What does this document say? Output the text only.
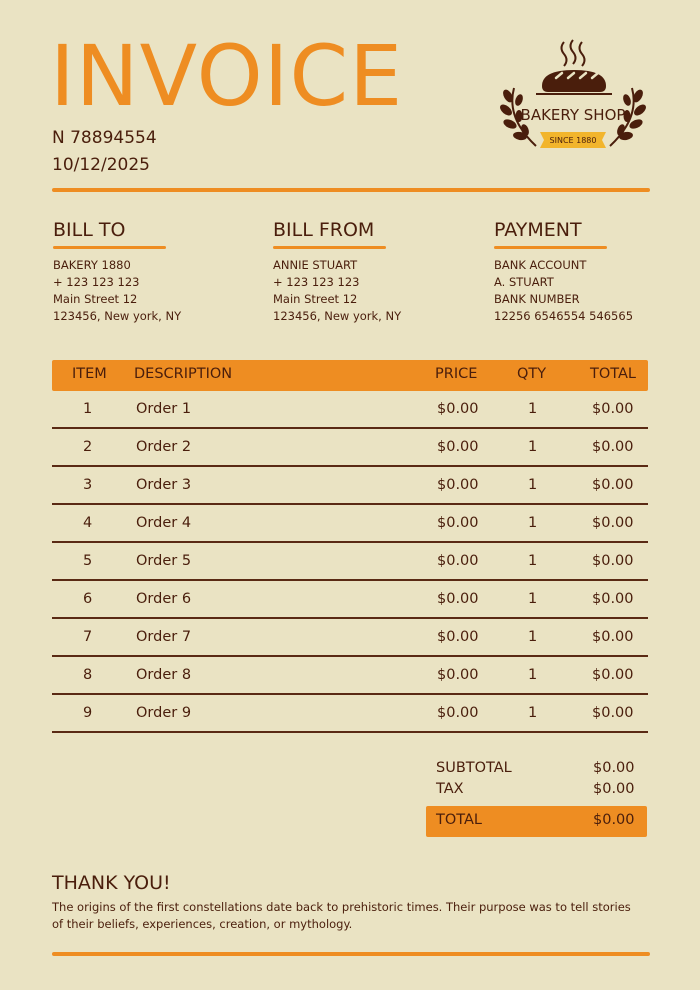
INVOICE
N 78894554
10/12/2025
BAKERY SHOP
SINCE 1880
BILL TO
BAKERY 1880
+ 123 123 123
Main Street 12
123456, New york, NY
BILL FROM
ANNIE STUART
+ 123 123 123
Main Street 12
123456, New york, NY
PAYMENT
BANK ACCOUNT
A. STUART
BANK NUMBER
12256 6546554 546565
ITEM DESCRIPTION	PRICE	QTY	TOTAL
1	Order 1	$0.00	1	$0.00
2	Order 2	$0.00	1	$0.00
3	Order 3	$0.00	1	$0.00
4	Order 4	$0.00	1	$0.00
5	Order 5	$0.00	1	$0.00
6	Order 6	$0.00	1	$0.00
7	Order 7	$0.00	1	$0.00
8	Order 8	$0.00	1	$0.00
9	Order 9	$0.00	1	$0.00
SUBTOTAL	$0.00
TAX	$0.00
TOTAL	$0.00
THANK YOU!
The origins of the first constellations date back to prehistoric times. Their purpose was to tell stories of their beliefs, experiences, creation, or mythology.
